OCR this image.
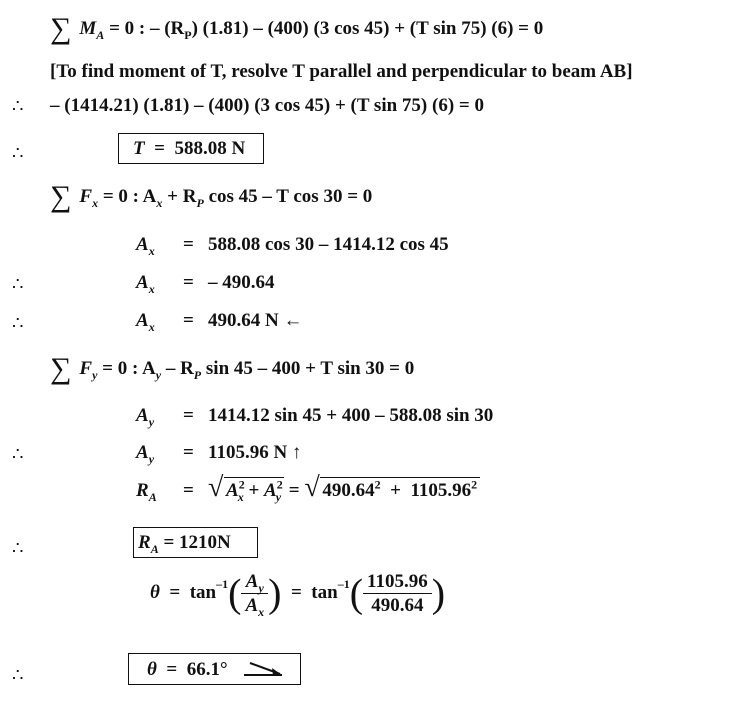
∑ $M_A = 0$ : – $(R_P)$ (1.81) – (400) (3 cos 45) + (T sin 75) (6) = 0
[To find moment of T, resolve T parallel and perpendicular to beam AB]
∴ – (1414.21) (1.81) – (400) (3 cos 45) + (T sin 75) (6) = 0
∴	T = 588.08 N
∑ $F_x = 0$ : $A_x + R_P$ cos 45 – T cos 30 = 0
$A_x = 588.08$ cos 30 – 1414.12 cos 45
∴	$A_x$ = – 490.64
∴	$A_x = 490.64$ N ←
∑ $F_y = 0$ : $A_y - R_P$ sin 45 – 400 + T sin 30 = 0
$A_y = 1414.12$ sin 45 + 400 – 588.08 sin 30
∴	$A_y = 1105.96$ N ↑
$R_A$ = √ $A^2_x + A^2_y$ = √ 490.64$^2$  +  1105.96$^2$
∴	$R_A = 1210N$
$\theta = \tan^{-1}( \frac{A_y}{A_x}$ ) = $\tan^{-1}( \frac{1105.96}{490.64}$ )
∴	θ = 66.1°
